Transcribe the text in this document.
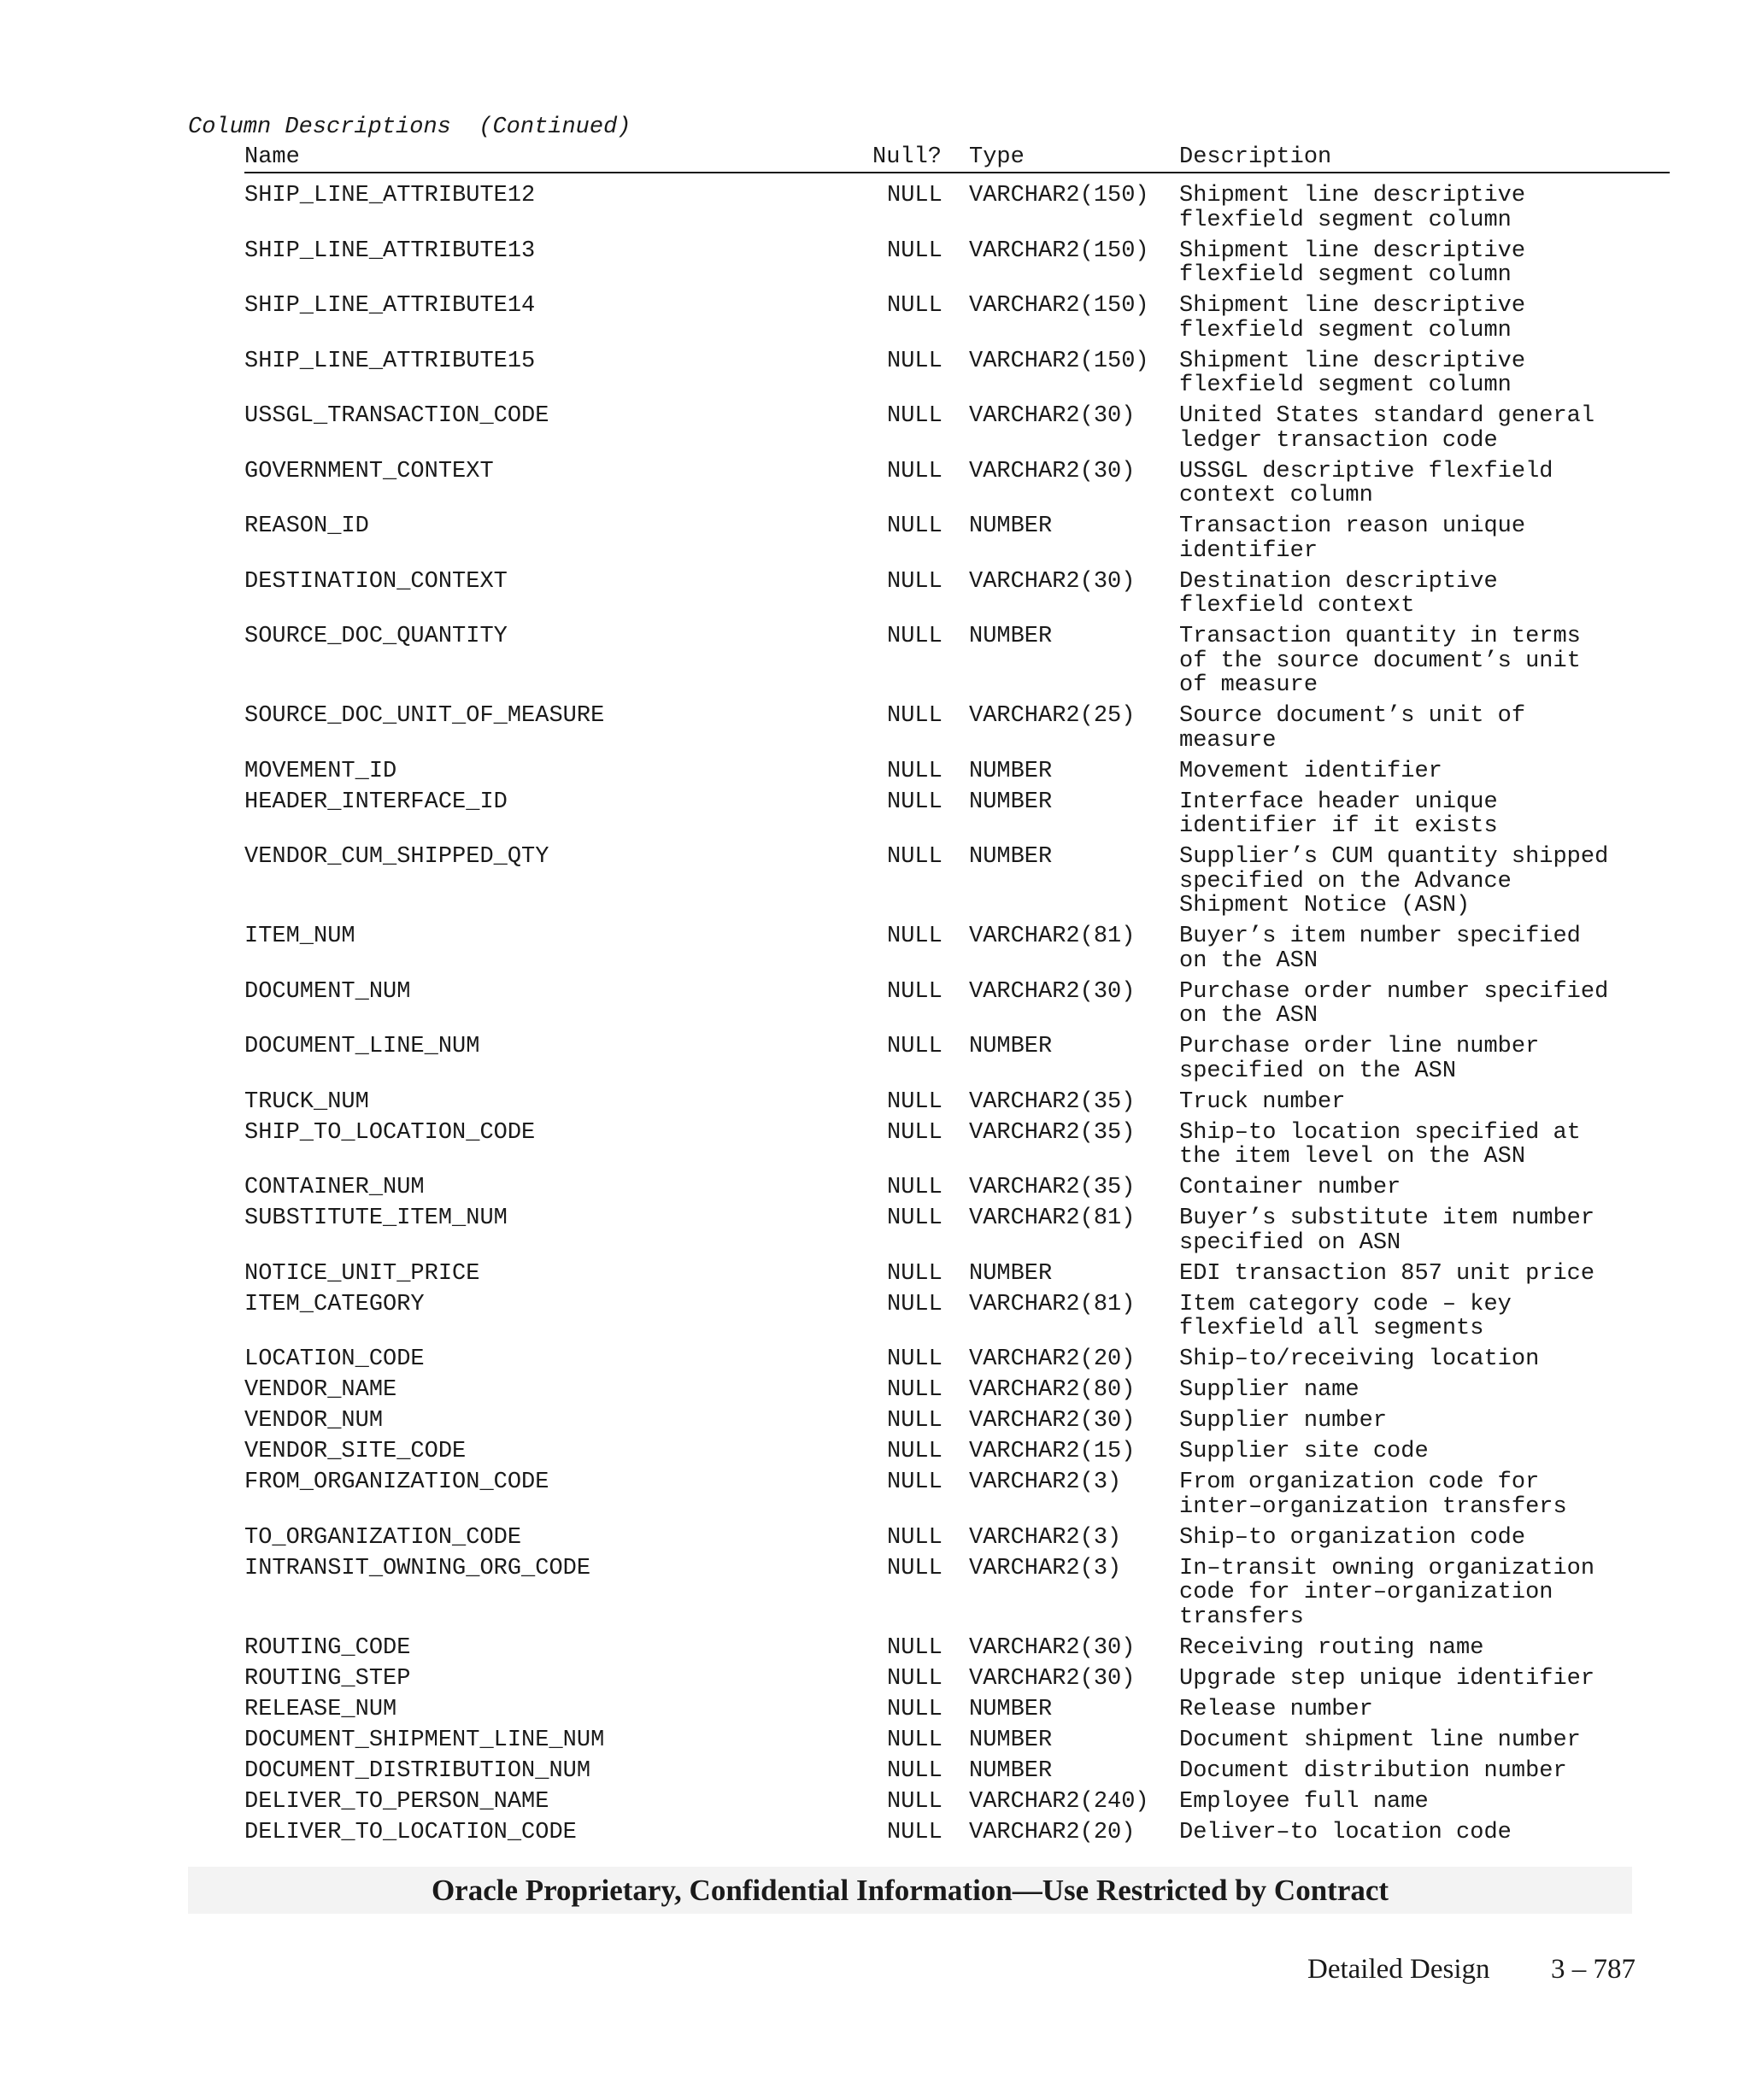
Column Descriptions  (Continued)
Name	Null? Type	Description
SHIP_LINE_ATTRIBUTE12	NULL VARCHAR2(150) Shipment line descriptive
flexfield segment column
SHIP_LINE_ATTRIBUTE13	NULL VARCHAR2(150) Shipment line descriptive
flexfield segment column
SHIP_LINE_ATTRIBUTE14	NULL VARCHAR2(150) Shipment line descriptive
flexfield segment column
SHIP_LINE_ATTRIBUTE15	NULL VARCHAR2(150) Shipment line descriptive
flexfield segment column
USSGL_TRANSACTION_CODE	NULL VARCHAR2(30) United States standard general
ledger transaction code
GOVERNMENT_CONTEXT	NULL VARCHAR2(30) USSGL descriptive flexfield
context column
REASON_ID	NULL NUMBER	Transaction reason unique
identifier
DESTINATION_CONTEXT	NULL VARCHAR2(30) Destination descriptive
flexfield context
SOURCE_DOC_QUANTITY	NULL NUMBER	Transaction quantity in terms
of the source document’s unit
of measure
SOURCE_DOC_UNIT_OF_MEASURE	NULL VARCHAR2(25) Source document’s unit of
measure
MOVEMENT_ID	NULL NUMBER	Movement identifier
HEADER_INTERFACE_ID	NULL NUMBER	Interface header unique
identifier if it exists
VENDOR_CUM_SHIPPED_QTY	NULL NUMBER	Supplier’s CUM quantity shipped
specified on the Advance
Shipment Notice (ASN)
ITEM_NUM	NULL VARCHAR2(81) Buyer’s item number specified
on the ASN
DOCUMENT_NUM	NULL VARCHAR2(30) Purchase order number specified
on the ASN
DOCUMENT_LINE_NUM	NULL NUMBER	Purchase order line number
specified on the ASN
TRUCK_NUM	NULL VARCHAR2(35) Truck number
SHIP_TO_LOCATION_CODE	NULL VARCHAR2(35) Ship–to location specified at
the item level on the ASN
CONTAINER_NUM	NULL VARCHAR2(35) Container number
SUBSTITUTE_ITEM_NUM	NULL VARCHAR2(81) Buyer’s substitute item number
specified on ASN
NOTICE_UNIT_PRICE	NULL NUMBER	EDI transaction 857 unit price
ITEM_CATEGORY	NULL VARCHAR2(81) Item category code – key
flexfield all segments
LOCATION_CODE	NULL VARCHAR2(20) Ship–to/receiving location
VENDOR_NAME	NULL VARCHAR2(80) Supplier name
VENDOR_NUM	NULL VARCHAR2(30) Supplier number
VENDOR_SITE_CODE	NULL VARCHAR2(15) Supplier site code
FROM_ORGANIZATION_CODE	NULL VARCHAR2(3)	From organization code for
inter–organization transfers
TO_ORGANIZATION_CODE	NULL VARCHAR2(3)	Ship–to organization code
INTRANSIT_OWNING_ORG_CODE	NULL VARCHAR2(3)	In–transit owning organization
code for inter–organization
transfers
ROUTING_CODE	NULL VARCHAR2(30) Receiving routing name
ROUTING_STEP	NULL VARCHAR2(30) Upgrade step unique identifier
RELEASE_NUM	NULL NUMBER	Release number
DOCUMENT_SHIPMENT_LINE_NUM	NULL NUMBER	Document shipment line number
DOCUMENT_DISTRIBUTION_NUM	NULL NUMBER	Document distribution number
DELIVER_TO_PERSON_NAME	NULL VARCHAR2(240) Employee full name
DELIVER_TO_LOCATION_CODE	NULL VARCHAR2(20) Deliver–to location code
Oracle Proprietary, Confidential Information––Use Restricted by Contract
Detailed Design 3 – 787
